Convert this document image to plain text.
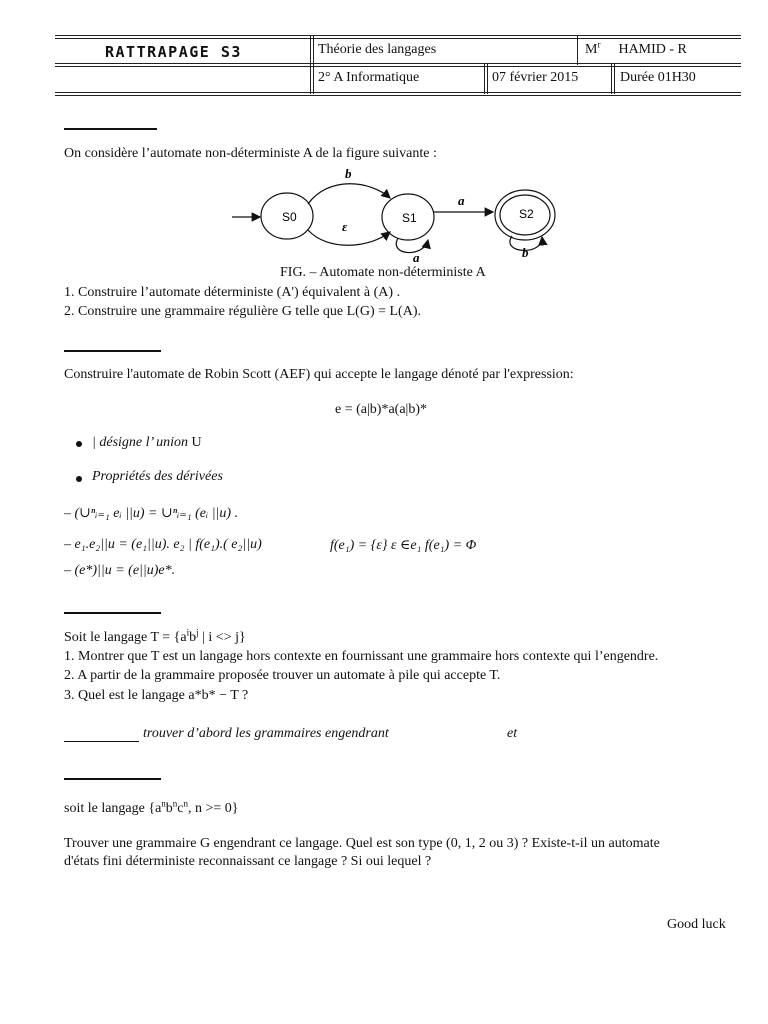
RATTRAPAGE S3	Théorie des langages	$M^r$ HAMID - R
2° A Informatique	07 février 2015	Durée 01H30
On considère l’automate non-déterministe A de la figure suivante :
S0	S1	S2
b
ε
a
a	b
FIG. – Automate non-déterministe A
1. Construire l’automate déterministe (A') équivalent à (A) .
2. Construire une grammaire régulière G telle que L(G) = L(A).
Construire l'automate de Robin Scott (AEF) qui accepte le langage dénoté par l'expression:
e = (a|b)*a(a|b)*
| désigne l’ union U
Propriétés des dérivées
– (∪ⁿᵢ₌₁ eᵢ ||u) = ∪ⁿᵢ₌₁ (eᵢ ||u) .
– e₁.e₂||u = (e₁||u). e₂ | f(e₁).( e₂||u)	f(e₁) = {ε} ε ∈e₁ f(e₁) = Φ
– (e*)||u = (e||u)e*.
Soit le langage $T = \{a^ib^j$ | i <> j}
1. Montrer que T est un langage hors contexte en fournissant une grammaire hors contexte qui l’engendre.
2. A partir de la grammaire proposée trouver un automate à pile qui accepte T.
3. Quel est le langage a*b* − T ?
trouver d’abord les grammaires engendrant	et
soit le langage {$a^nb^nc^n$, n >= 0}
Trouver une grammaire G engendrant ce langage. Quel est son type (0, 1, 2 ou 3) ? Existe-t-il un automate
d'états fini déterministe reconnaissant ce langage ? Si oui lequel ?
Good luck
